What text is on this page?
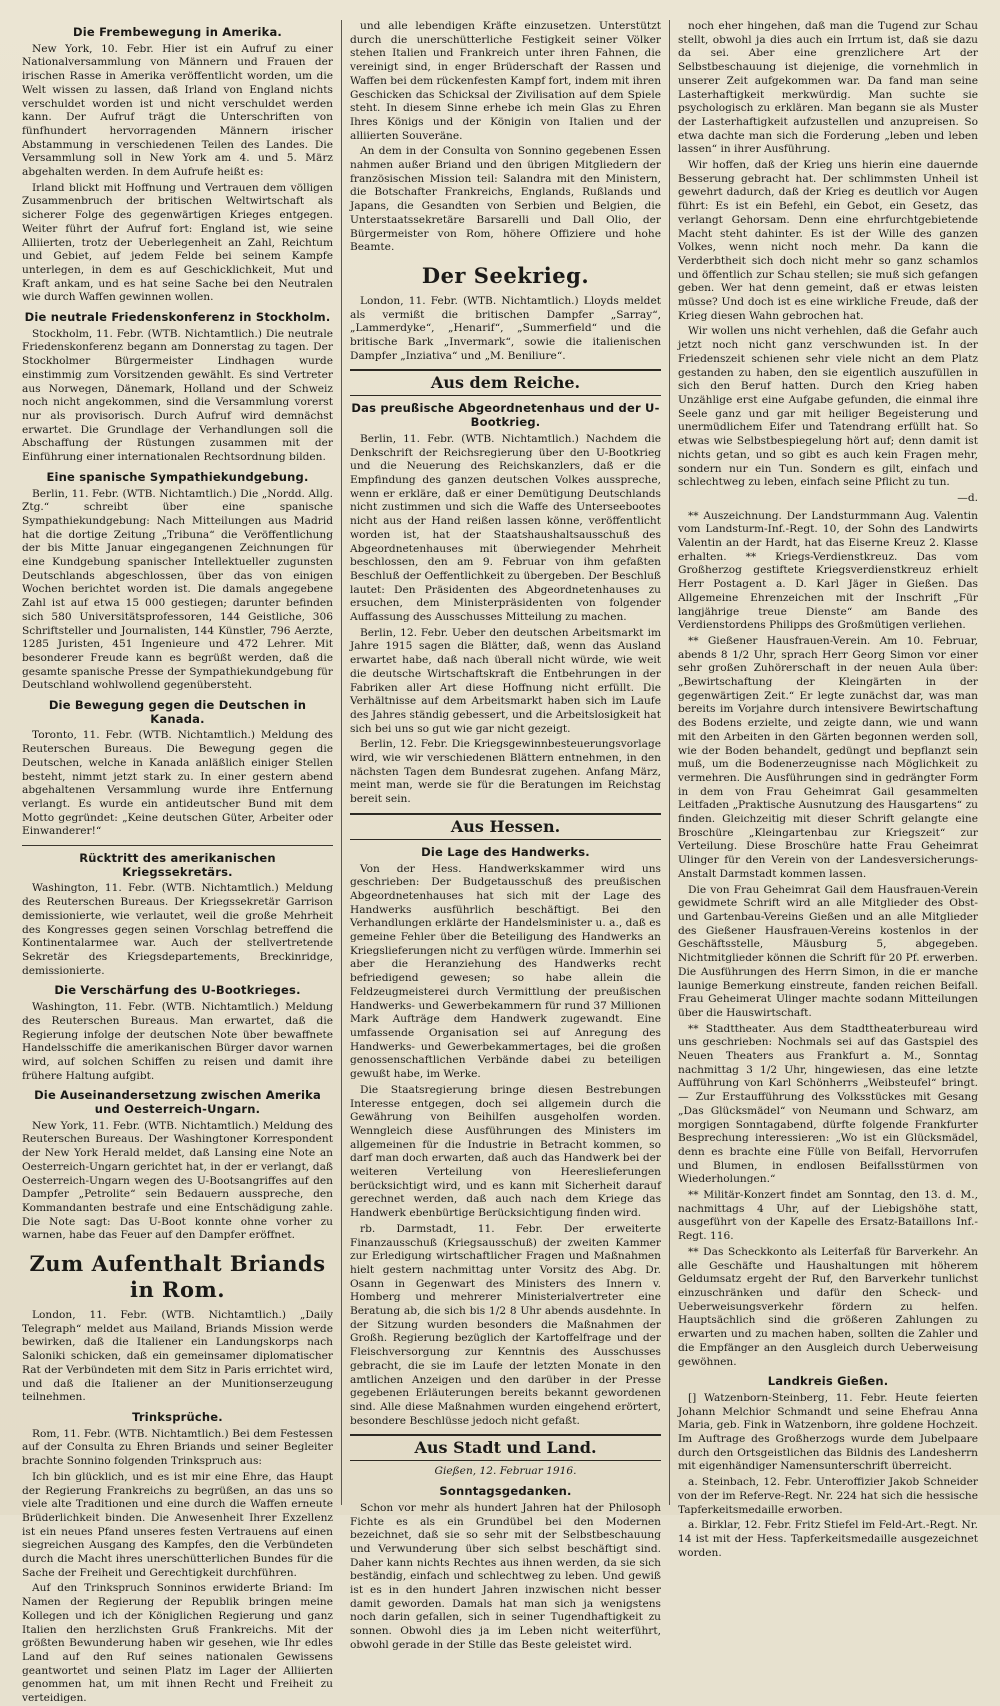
Die Frembewegung in Amerika.

New York, 10. Febr. Hier ist ein Aufruf zu einer Nationalversammlung von Männern und Frauen der irischen Rasse in Amerika veröffentlicht worden, um die Welt wissen zu lassen, daß Irland von England nichts verschuldet worden ist und nicht verschuldet werden kann. Der Aufruf trägt die Unterschriften von fünfhundert hervorragenden Männern irischer Abstammung in verschiedenen Teilen des Landes. Die Versammlung soll in New York am 4. und 5. März abgehalten werden. In dem Aufrufe heißt es:

Irland blickt mit Hoffnung und Vertrauen dem völligen Zusammenbruch der britischen Weltwirtschaft als sicherer Folge des gegenwärtigen Krieges entgegen. Weiter führt der Aufruf fort: England ist, wie seine Alliierten, trotz der Ueberlegenheit an Zahl, Reichtum und Gebiet, auf jedem Felde bei seinem Kampfe unterlegen, in dem es auf Geschicklichkeit, Mut und Kraft ankam, und es hat seine Sache bei den Neutralen wie durch Waffen gewinnen wollen.

Die neutrale Friedenskonferenz in Stockholm.

Stockholm, 11. Febr. (WTB. Nichtamtlich.) Die neutrale Friedenskonferenz begann am Donnerstag zu tagen. Der Stockholmer Bürgermeister Lindhagen wurde einstimmig zum Vorsitzenden gewählt. Es sind Vertreter aus Norwegen, Dänemark, Holland und der Schweiz noch nicht angekommen, sind die Versammlung vorerst nur als provisorisch. Durch Aufruf wird demnächst erwartet. Die Grundlage der Verhandlungen soll die Abschaffung der Rüstungen zusammen mit der Einführung einer internationalen Rechtsordnung bilden.

Eine spanische Sympathiekundgebung.

Berlin, 11. Febr. (WTB. Nichtamtlich.) Die „Nordd. Allg. Ztg.“ schreibt über eine spanische Sympathiekundgebung: Nach Mitteilungen aus Madrid hat die dortige Zeitung „Tribuna“ die Veröffentlichung der bis Mitte Januar eingegangenen Zeichnungen für eine Kundgebung spanischer Intellektueller zugunsten Deutschlands abgeschlossen, über das von einigen Wochen berichtet worden ist. Die damals angegebene Zahl ist auf etwa 15 000 gestiegen; darunter befinden sich 580 Universitätsprofessoren, 144 Geistliche, 306 Schriftsteller und Journalisten, 144 Künstler, 796 Aerzte, 1285 Juristen, 451 Ingenieure und 472 Lehrer. Mit besonderer Freude kann es begrüßt werden, daß die gesamte spanische Presse der Sympathiekundgebung für Deutschland wohlwollend gegenübersteht.

Die Bewegung gegen die Deutschen in Kanada.

Toronto, 11. Febr. (WTB. Nichtamtlich.) Meldung des Reuterschen Bureaus. Die Bewegung gegen die Deutschen, welche in Kanada anläßlich einiger Stellen besteht, nimmt jetzt stark zu. In einer gestern abend abgehaltenen Versammlung wurde ihre Entfernung verlangt. Es wurde ein antideutscher Bund mit dem Motto gegründet: „Keine deutschen Güter, Arbeiter oder Einwanderer!“

Rücktritt des amerikanischen Kriegssekretärs.

Washington, 11. Febr. (WTB. Nichtamtlich.) Meldung des Reuterschen Bureaus. Der Kriegssekretär Garrison demissionierte, wie verlautet, weil die große Mehrheit des Kongresses gegen seinen Vorschlag betreffend die Kontinentalarmee war. Auch der stellvertretende Sekretär des Kriegsdepartements, Breckinridge, demissionierte.

Die Verschärfung des U-Bootkrieges.

Washington, 11. Febr. (WTB. Nichtamtlich.) Meldung des Reuterschen Bureaus. Man erwartet, daß die Regierung infolge der deutschen Note über bewaffnete Handelsschiffe die amerikanischen Bürger davor warnen wird, auf solchen Schiffen zu reisen und damit ihre frühere Haltung aufgibt.

Die Auseinandersetzung zwischen Amerika und Oesterreich-Ungarn.

New York, 11. Febr. (WTB. Nichtamtlich.) Meldung des Reuterschen Bureaus. Der Washingtoner Korrespondent der New York Herald meldet, daß Lansing eine Note an Oesterreich-Ungarn gerichtet hat, in der er verlangt, daß Oesterreich-Ungarn wegen des U-Bootsangriffes auf den Dampfer „Petrolite“ sein Bedauern ausspreche, den Kommandanten bestrafe und eine Entschädigung zahle. Die Note sagt: Das U-Boot konnte ohne vorher zu warnen, habe das Feuer auf den Dampfer eröffnet.

Zum Aufenthalt Briands in Rom.

London, 11. Febr. (WTB. Nichtamtlich.) „Daily Telegraph“ meldet aus Mailand, Briands Mission werde bewirken, daß die Italiener ein Landungskorps nach Saloniki schicken, daß ein gemeinsamer diplomatischer Rat der Verbündeten mit dem Sitz in Paris errichtet wird, und daß die Italiener an der Munitionserzeugung teilnehmen.

Trinksprüche.

Rom, 11. Febr. (WTB. Nichtamtlich.) Bei dem Festessen auf der Consulta zu Ehren Briands und seiner Begleiter brachte Sonnino folgenden Trinkspruch aus:

Ich bin glücklich, und es ist mir eine Ehre, das Haupt der Regierung Frankreichs zu begrüßen, an das uns so viele alte Traditionen und eine durch die Waffen erneute Brüderlichkeit binden. Die Anwesenheit Ihrer Exzellenz ist ein neues Pfand unseres festen Vertrauens auf einen siegreichen Ausgang des Kampfes, den die Verbündeten durch die Macht ihres unerschütterlichen Bundes für die Sache der Freiheit und Gerechtigkeit durchführen.

Auf den Trinkspruch Sonninos erwiderte Briand: Im Namen der Regierung der Republik bringen meine Kollegen und ich der Königlichen Regierung und ganz Italien den herzlichsten Gruß Frankreichs. Mit der größten Bewunderung haben wir gesehen, wie Ihr edles Land auf den Ruf seines nationalen Gewissens geantwortet und seinen Platz im Lager der Alliierten genommen hat, um mit ihnen Recht und Freiheit zu verteidigen.

und alle lebendigen Kräfte einzusetzen. Unterstützt durch die unerschütterliche Festigkeit seiner Völker stehen Italien und Frankreich unter ihren Fahnen, die vereinigt sind, in enger Brüderschaft der Rassen und Waffen bei dem rückenfesten Kampf fort, indem mit ihren Geschicken das Schicksal der Zivilisation auf dem Spiele steht. In diesem Sinne erhebe ich mein Glas zu Ehren Ihres Königs und der Königin von Italien und der alliierten Souveräne.

An dem in der Consulta von Sonnino gegebenen Essen nahmen außer Briand und den übrigen Mitgliedern der französischen Mission teil: Salandra mit den Ministern, die Botschafter Frankreichs, Englands, Rußlands und Japans, die Gesandten von Serbien und Belgien, die Unterstaatssekretäre Barsarelli und Dall Olio, der Bürgermeister von Rom, höhere Offiziere und hohe Beamte.

Der Seekrieg.

London, 11. Febr. (WTB. Nichtamtlich.) Lloyds meldet als vermißt die britischen Dampfer „Sarray“, „Lammerdyke“, „Henarif“, „Summerfield“ und die britische Bark „Invermark“, sowie die italienischen Dampfer „Inziativa“ und „M. Beniliure“.

Aus dem Reiche.
Das preußische Abgeordnetenhaus und der U-Bootkrieg.

Berlin, 11. Febr. (WTB. Nichtamtlich.) Nachdem die Denkschrift der Reichsregierung über den U-Bootkrieg und die Neuerung des Reichskanzlers, daß er die Empfindung des ganzen deutschen Volkes ausspreche, wenn er erkläre, daß er einer Demütigung Deutschlands nicht zustimmen und sich die Waffe des Unterseebootes nicht aus der Hand reißen lassen könne, veröffentlicht worden ist, hat der Staatshaushaltsausschuß des Abgeordnetenhauses mit überwiegender Mehrheit beschlossen, den am 9. Februar von ihm gefaßten Beschluß der Oeffentlichkeit zu übergeben. Der Beschluß lautet: Den Präsidenten des Abgeordnetenhauses zu ersuchen, dem Ministerpräsidenten von folgender Auffassung des Ausschusses Mitteilung zu machen.

Berlin, 12. Febr. Ueber den deutschen Arbeitsmarkt im Jahre 1915 sagen die Blätter, daß, wenn das Ausland erwartet habe, daß nach überall nicht würde, wie weit die deutsche Wirtschaftskraft die Entbehrungen in der Fabriken aller Art diese Hoffnung nicht erfüllt. Die Verhältnisse auf dem Arbeitsmarkt haben sich im Laufe des Jahres ständig gebessert, und die Arbeitslosigkeit hat sich bei uns so gut wie gar nicht gezeigt.

Berlin, 12. Febr. Die Kriegsgewinnbesteuerungsvorlage wird, wie wir verschiedenen Blättern entnehmen, in den nächsten Tagen dem Bundesrat zugehen. Anfang März, meint man, werde sie für die Beratungen im Reichstag bereit sein.

Aus Hessen.
Die Lage des Handwerks.

Von der Hess. Handwerkskammer wird uns geschrieben: Der Budgetausschuß des preußischen Abgeordnetenhauses hat sich mit der Lage des Handwerks ausführlich beschäftigt. Bei den Verhandlungen erklärte der Handelsminister u. a., daß es gemeine Fehler über die Beteiligung des Handwerks an Kriegslieferungen nicht zu verfügen würde. Immerhin sei aber die Heranziehung des Handwerks recht befriedigend gewesen; so habe allein die Feldzeugmeisterei durch Vermittlung der preußischen Handwerks- und Gewerbekammern für rund 37 Millionen Mark Aufträge dem Handwerk zugewandt. Eine umfassende Organisation sei auf Anregung des Handwerks- und Gewerbekammertages, bei die großen genossenschaftlichen Verbände dabei zu beteiligen gewußt habe, im Werke.

Die Staatsregierung bringe diesen Bestrebungen Interesse entgegen, doch sei allgemein durch die Gewährung von Beihilfen ausgeholfen worden. Wenngleich diese Ausführungen des Ministers im allgemeinen für die Industrie in Betracht kommen, so darf man doch erwarten, daß auch das Handwerk bei der weiteren Verteilung von Heereslieferungen berücksichtigt wird, und es kann mit Sicherheit darauf gerechnet werden, daß auch nach dem Kriege das Handwerk ebenbürtige Berücksichtigung finden wird.

rb. Darmstadt, 11. Febr. Der erweiterte Finanzausschuß (Kriegsausschuß) der zweiten Kammer zur Erledigung wirtschaftlicher Fragen und Maßnahmen hielt gestern nachmittag unter Vorsitz des Abg. Dr. Osann in Gegenwart des Ministers des Innern v. Homberg und mehrerer Ministerialvertreter eine Beratung ab, die sich bis 1/2 8 Uhr abends ausdehnte. In der Sitzung wurden besonders die Maßnahmen der Großh. Regierung bezüglich der Kartoffelfrage und der Fleischversorgung zur Kenntnis des Ausschusses gebracht, die sie im Laufe der letzten Monate in den amtlichen Anzeigen und den darüber in der Presse gegebenen Erläuterungen bereits bekannt gewordenen sind. Alle diese Maßnahmen wurden eingehend erörtert, besondere Beschlüsse jedoch nicht gefaßt.

Aus Stadt und Land.
Gießen, 12. Februar 1916.
Sonntagsgedanken.

Schon vor mehr als hundert Jahren hat der Philosoph Fichte es als ein Grundübel bei den Modernen bezeichnet, daß sie so sehr mit der Selbstbeschauung und Verwunderung über sich selbst beschäftigt sind. Daher kann nichts Rechtes aus ihnen werden, da sie sich beständig, einfach und schlechtweg zu leben. Und gewiß ist es in den hundert Jahren inzwischen nicht besser damit geworden. Damals hat man sich ja wenigstens noch darin gefallen, sich in seiner Tugendhaftigkeit zu sonnen. Obwohl dies ja im Leben nicht weiterführt, obwohl gerade in der Stille das Beste geleistet wird.

noch eher hingehen, daß man die Tugend zur Schau stellt, obwohl ja dies auch ein Irrtum ist, daß sie dazu da sei. Aber eine grenzlichere Art der Selbstbeschauung ist diejenige, die vornehmlich in unserer Zeit aufgekommen war. Da fand man seine Lasterhaftigkeit merkwürdig. Man suchte sie psychologisch zu erklären. Man begann sie als Muster der Lasterhaftigkeit aufzustellen und anzupreisen. So etwa dachte man sich die Forderung „leben und leben lassen“ in ihrer Ausführung.

Wir hoffen, daß der Krieg uns hierin eine dauernde Besserung gebracht hat. Der schlimmsten Unheil ist gewehrt dadurch, daß der Krieg es deutlich vor Augen führt: Es ist ein Befehl, ein Gebot, ein Gesetz, das verlangt Gehorsam. Denn eine ehrfurchtgebietende Macht steht dahinter. Es ist der Wille des ganzen Volkes, wenn nicht noch mehr. Da kann die Verderbtheit sich doch nicht mehr so ganz schamlos und öffentlich zur Schau stellen; sie muß sich gefangen geben. Wer hat denn gemeint, daß er etwas leisten müsse? Und doch ist es eine wirkliche Freude, daß der Krieg diesen Wahn gebrochen hat.

Wir wollen uns nicht verhehlen, daß die Gefahr auch jetzt noch nicht ganz verschwunden ist. In der Friedenszeit schienen sehr viele nicht an dem Platz gestanden zu haben, den sie eigentlich auszufüllen in sich den Beruf hatten. Durch den Krieg haben Unzählige erst eine Aufgabe gefunden, die einmal ihre Seele ganz und gar mit heiliger Begeisterung und unermüdlichem Eifer und Tatendrang erfüllt hat. So etwas wie Selbstbespiegelung hört auf; denn damit ist nichts getan, und so gibt es auch kein Fragen mehr, sondern nur ein Tun. Sondern es gilt, einfach und schlechtweg zu leben, einfach seine Pflicht zu tun.

—d.

** Auszeichnung. Der Landsturmmann Aug. Valentin vom Landsturm-Inf.-Regt. 10, der Sohn des Landwirts Valentin an der Hardt, hat das Eiserne Kreuz 2. Klasse erhalten. ** Kriegs-Verdienstkreuz. Das vom Großherzog gestiftete Kriegsverdienstkreuz erhielt Herr Postagent a. D. Karl Jäger in Gießen. Das Allgemeine Ehrenzeichen mit der Inschrift „Für langjährige treue Dienste“ am Bande des Verdienstordens Philipps des Großmütigen verliehen.

** Gießener Hausfrauen-Verein. Am 10. Februar, abends 8 1/2 Uhr, sprach Herr Georg Simon vor einer sehr großen Zuhörerschaft in der neuen Aula über: „Bewirtschaftung der Kleingärten in der gegenwärtigen Zeit.“ Er legte zunächst dar, was man bereits im Vorjahre durch intensivere Bewirtschaftung des Bodens erzielte, und zeigte dann, wie und wann mit den Arbeiten in den Gärten begonnen werden soll, wie der Boden behandelt, gedüngt und bepflanzt sein muß, um die Bodenerzeugnisse nach Möglichkeit zu vermehren. Die Ausführungen sind in gedrängter Form in dem von Frau Geheimrat Gail gesammelten Leitfaden „Praktische Ausnutzung des Hausgartens“ zu finden. Gleichzeitig mit dieser Schrift gelangte eine Broschüre „Kleingartenbau zur Kriegszeit“ zur Verteilung. Diese Broschüre hatte Frau Geheimrat Ulinger für den Verein von der Landesversicherungs-Anstalt Darmstadt kommen lassen.

Die von Frau Geheimrat Gail dem Hausfrauen-Verein gewidmete Schrift wird an alle Mitglieder des Obst- und Gartenbau-Vereins Gießen und an alle Mitglieder des Gießener Hausfrauen-Vereins kostenlos in der Geschäftsstelle, Mäusburg 5, abgegeben. Nichtmitglieder können die Schrift für 20 Pf. erwerben. Die Ausführungen des Herrn Simon, in die er manche launige Bemerkung einstreute, fanden reichen Beifall. Frau Geheimerat Ulinger machte sodann Mitteilungen über die Hauswirtschaft.

** Stadttheater. Aus dem Stadttheaterbureau wird uns geschrieben: Nochmals sei auf das Gastspiel des Neuen Theaters aus Frankfurt a. M., Sonntag nachmittag 3 1/2 Uhr, hingewiesen, das eine letzte Aufführung von Karl Schönherrs „Weibsteufel“ bringt. — Zur Erstaufführung des Volksstückes mit Gesang „Das Glücksmädel“ von Neumann und Schwarz, am morgigen Sonntagabend, dürfte folgende Frankfurter Besprechung interessieren: „Wo ist ein Glücksmädel, denn es brachte eine Fülle von Beifall, Hervorrufen und Blumen, in endlosen Beifallsstürmen von Wiederholungen.“

** Militär-Konzert findet am Sonntag, den 13. d. M., nachmittags 4 Uhr, auf der Liebigshöhe statt, ausgeführt von der Kapelle des Ersatz-Bataillons Inf.-Regt. 116.

** Das Scheckkonto als Leiterfaß für Barverkehr. An alle Geschäfte und Haushaltungen mit höherem Geldumsatz ergeht der Ruf, den Barverkehr tunlichst einzuschränken und dafür den Scheck- und Ueberweisungsverkehr fördern zu helfen. Hauptsächlich sind die größeren Zahlungen zu erwarten und zu machen haben, sollten die Zahler und die Empfänger an den Ausgleich durch Ueberweisung gewöhnen.

Landkreis Gießen.

[] Watzenborn-Steinberg, 11. Febr. Heute feierten Johann Melchior Schmandt und seine Ehefrau Anna Maria, geb. Fink in Watzenborn, ihre goldene Hochzeit. Im Auftrage des Großherzogs wurde dem Jubelpaare durch den Ortsgeistlichen das Bildnis des Landesherrn mit eigenhändiger Namensunterschrift überreicht.

a. Steinbach, 12. Febr. Unteroffizier Jakob Schneider von der im Referve-Regt. Nr. 224 hat sich die hessische Tapferkeitsmedaille erworben.

a. Birklar, 12. Febr. Fritz Stiefel im Feld-Art.-Regt. Nr. 14 ist mit der Hess. Tapferkeitsmedaille ausgezeichnet worden.
